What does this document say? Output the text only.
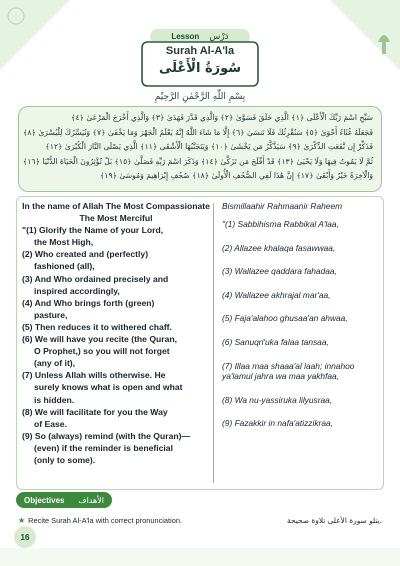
Lesson دَرْس
Surah Al-A'la
سُورَةُ الْأَعْلَى
بِسْمِ اللّٰهِ الرَّحْمٰنِ الرَّحِيْمِ
سَبِّحِ اسْمَ رَبِّكَ الْأَعْلَى ﴿١﴾ الَّذِي خَلَقَ فَسَوَّىٰ ﴿٢﴾ وَالَّذِي قَدَّرَ فَهَدَىٰ ﴿٣﴾ وَالَّذِي أَخْرَجَ الْمَرْعَىٰ ﴿٤﴾
فَجَعَلَهُ غُثَاءً أَحْوَىٰ ﴿٥﴾ سَنُقْرِئُكَ فَلَا تَنسَىٰ ﴿٦﴾ إِلَّا مَا شَاءَ اللَّهُ إِنَّهُ يَعْلَمُ الْجَهْرَ وَمَا يَخْفَىٰ ﴿٧﴾ وَنُيَسِّرُكَ لِلْيُسْرَىٰ ﴿٨﴾
فَذَكِّرْ إِن نَّفَعَتِ الذِّكْرَىٰ ﴿٩﴾ سَيَذَّكَّرُ مَن يَخْشَىٰ ﴿١٠﴾ وَيَتَجَنَّبُهَا الْأَشْقَى ﴿١١﴾ الَّذِي يَصْلَى النَّارَ الْكُبْرَىٰ ﴿١٢﴾
ثُمَّ لَا يَمُوتُ فِيهَا وَلَا يَحْيَىٰ ﴿١٣﴾ قَدْ أَفْلَحَ مَن تَزَكَّىٰ ﴿١٤﴾ وَذَكَرَ اسْمَ رَبِّهِ فَصَلَّىٰ ﴿١٥﴾ بَلْ تُؤْثِرُونَ الْحَيَاةَ الدُّنْيَا ﴿١٦﴾
وَالْآخِرَةُ خَيْرٌ وَأَبْقَىٰ ﴿١٧﴾ إِنَّ هَٰذَا لَفِي الصُّحُفِ الْأُولَىٰ ﴿١٨﴾ صُحُفِ إِبْرَاهِيمَ وَمُوسَىٰ ﴿١٩﴾
In the name of Allah The Most Compassionate The Most Merciful
"(1) Glorify the Name of your Lord,
the Most High,
(2) Who created and (perfectly)
fashioned (all),
(3) And Who ordained precisely and
inspired accordingly,
(4) And Who brings forth (green)
pasture,
(5) Then reduces it to withered chaff.
(6) We will have you recite (the Quran,
O Prophet,) so you will not forget
(any of it),
(7) Unless Allah wills otherwise. He
surely knows what is open and what
is hidden.
(8) We will facilitate for you the Way
of Ease.
(9) So (always) remind (with the Quran)—
(even) if the reminder is beneficial
(only to some).
Bismillaahir Rahmaanir Raheem
"(1) Sabbihisma Rabbikal A'laa,
(2) Allazee khalaqa fasawwaa,
(3) Wallazee qaddara fahadaa,
(4) Wallazee akhrajal mar'aa,
(5) Faja'alahoo ghusaa'an ahwaa,
(6) Sanuqri'uka falaa tansaa,
(7) Illaa maa shaaa'al laah; innahoo ya'lamul jahra wa maa yakhfaa,
(8) Wa nu-yassiruka lilyusraa,
(9) Fazakkir in nafa'atizzikraa,
Objectives الأهداف
★ Recite Surah Al-A'la with correct pronunciation.	يتلو سورة الأعلى تلاوة صحيحة.
16
